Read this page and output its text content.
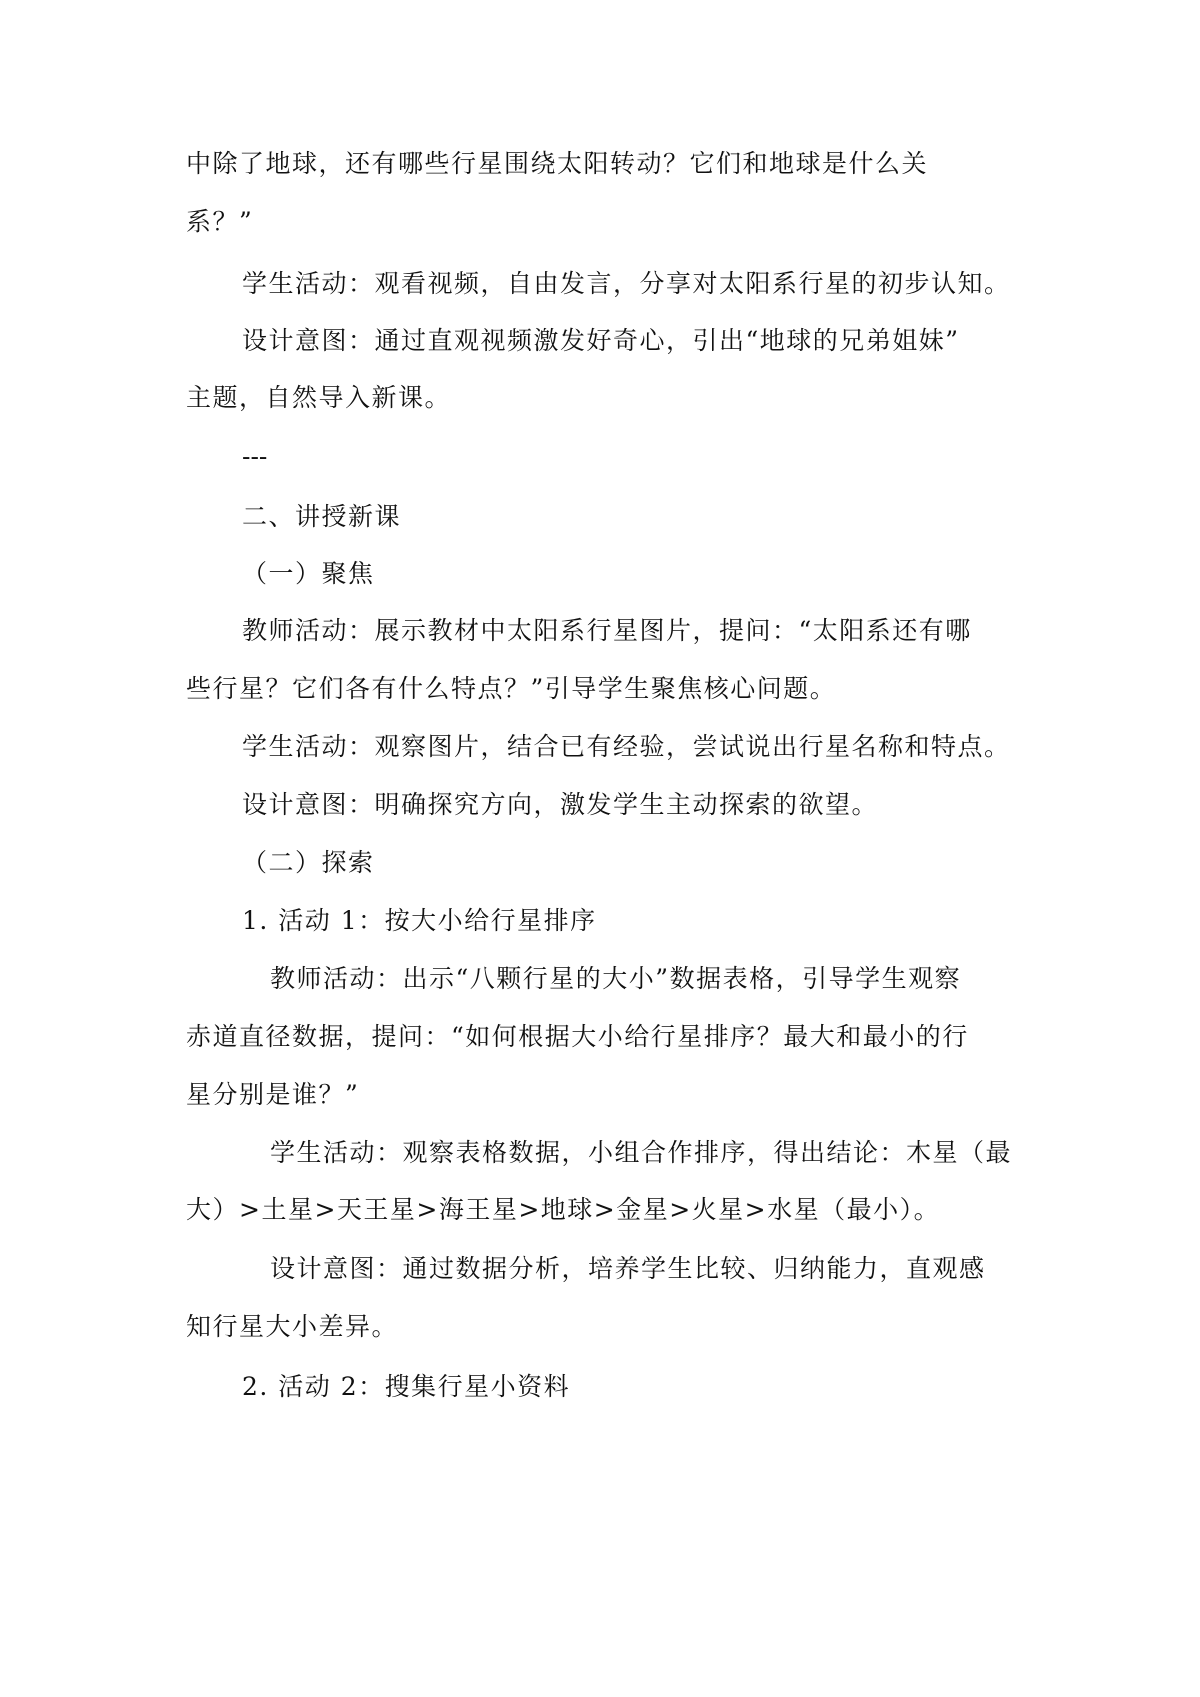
中除了地球，还有哪些行星围绕太阳转动？它们和地球是什么关
系？”
学生活动：观看视频，自由发言，分享对太阳系行星的初步认知。
设计意图：通过直观视频激发好奇心，引出“地球的兄弟姐妹”
主题，自然导入新课。
---
二、讲授新课
（一）聚焦
教师活动：展示教材中太阳系行星图片，提问：“太阳系还有哪
些行星？它们各有什么特点？”引导学生聚焦核心问题。
学生活动：观察图片，结合已有经验，尝试说出行星名称和特点。
设计意图：明确探究方向，激发学生主动探索的欲望。
（二）探索
1. 活动 1：按大小给行星排序
教师活动：出示“八颗行星的大小”数据表格，引导学生观察
赤道直径数据，提问：“如何根据大小给行星排序？最大和最小的行
星分别是谁？”
学生活动：观察表格数据，小组合作排序，得出结论：木星（最
大）>土星>天王星>海王星>地球>金星>火星>水星（最小）。
设计意图：通过数据分析，培养学生比较、归纳能力，直观感
知行星大小差异。
2. 活动 2：搜集行星小资料
